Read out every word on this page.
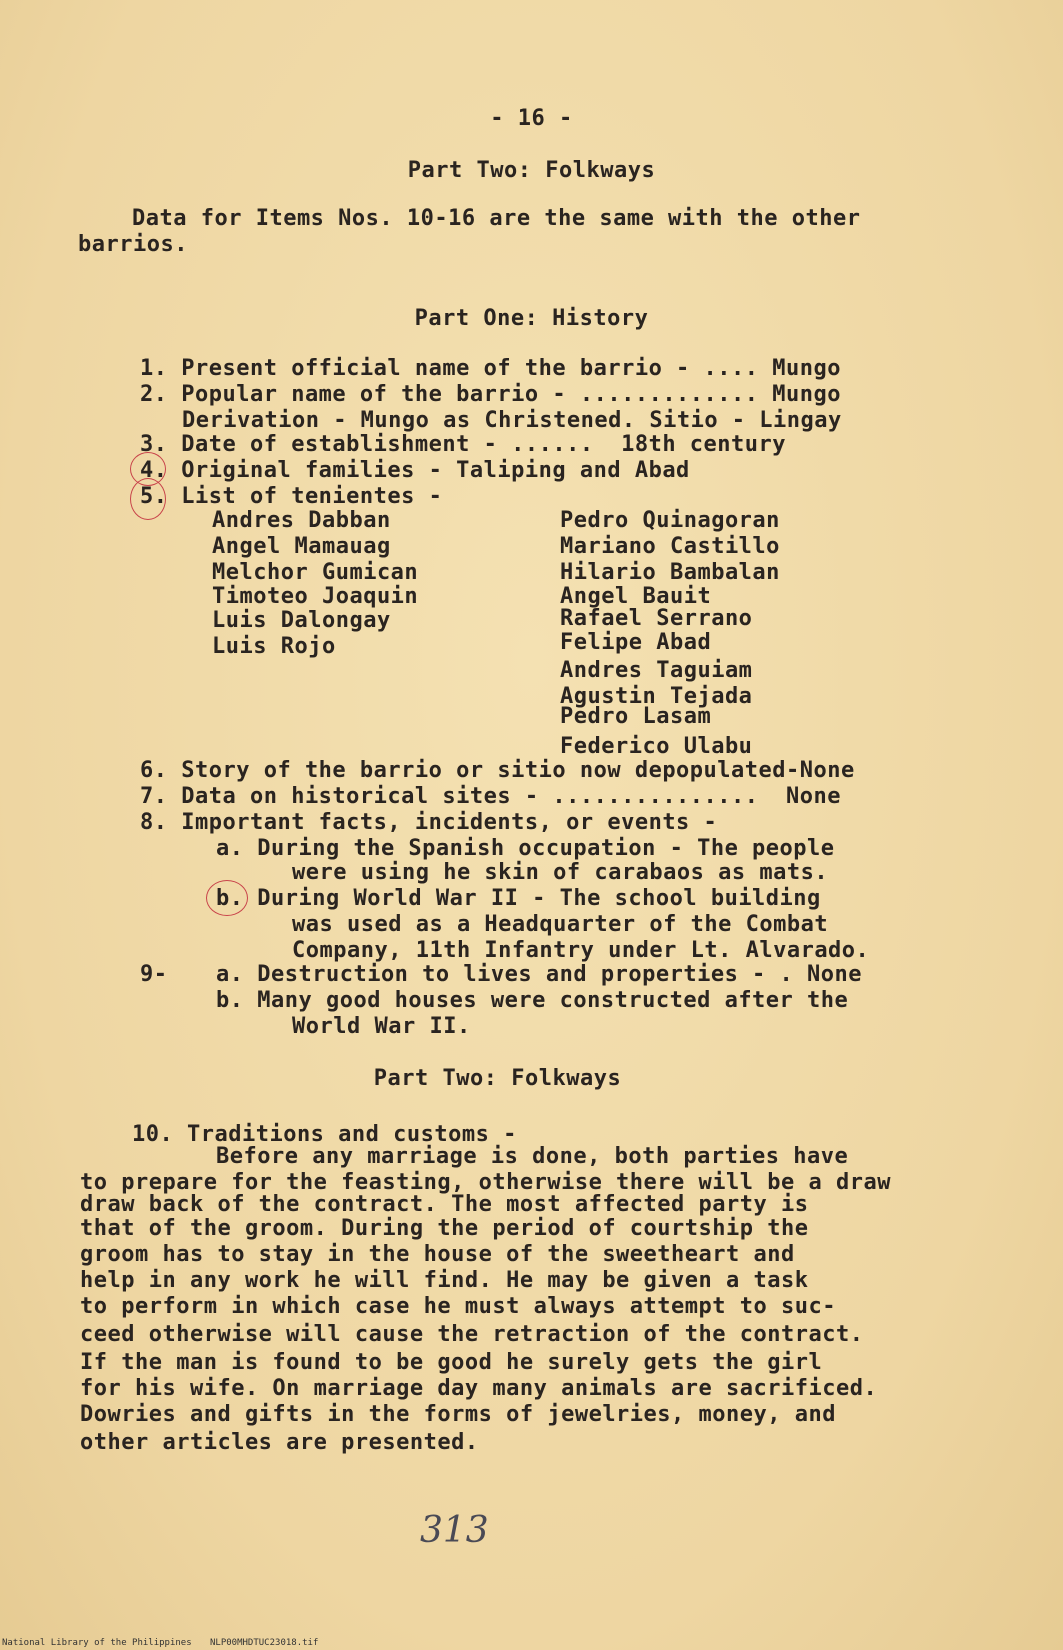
- 16 -
Part Two: Folkways
Data for Items Nos. 10-16 are the same with the other
barrios.
Part One: History
1. Present official name of the barrio - .... Mungo
2. Popular name of the barrio - ............. Mungo
Derivation - Mungo as Christened. Sitio - Lingay
3. Date of establishment - ......  18th century
4. Original families - Taliping and Abad
5. List of tenientes -
Andres Dabban
Angel Mamauag
Melchor Gumican
Timoteo Joaquin
Luis Dalongay
Luis Rojo
Pedro Quinagoran
Mariano Castillo
Hilario Bambalan
Angel Bauit
Rafael Serrano
Felipe Abad
Andres Taguiam
Agustin Tejada
Pedro Lasam
Federico Ulabu
6. Story of the barrio or sitio now depopulated-None
7. Data on historical sites - ...............  None
8. Important facts, incidents, or events -
a. During the Spanish occupation - The people
were using he skin of carabaos as mats.
b. During World War II - The school building
was used as a Headquarter of the Combat
Company, 11th Infantry under Lt. Alvarado.
9- a. Destruction to lives and properties - . None
b. Many good houses were constructed after the
World War II.
Part Two: Folkways
10. Traditions and customs -
Before any marriage is done, both parties have
to prepare for the feasting, otherwise there will be a draw
draw back of the contract. The most affected party is
that of the groom. During the period of courtship the
groom has to stay in the house of the sweetheart and
help in any work he will find. He may be given a task
to perform in which case he must always attempt to suc-
ceed otherwise will cause the retraction of the contract.
If the man is found to be good he surely gets the girl
for his wife. On marriage day many animals are sacrificed.
Dowries and gifts in the forms of jewelries, money, and
other articles are presented.
313
National Library of the Philippines NLP00MHDTUC23018.tif
